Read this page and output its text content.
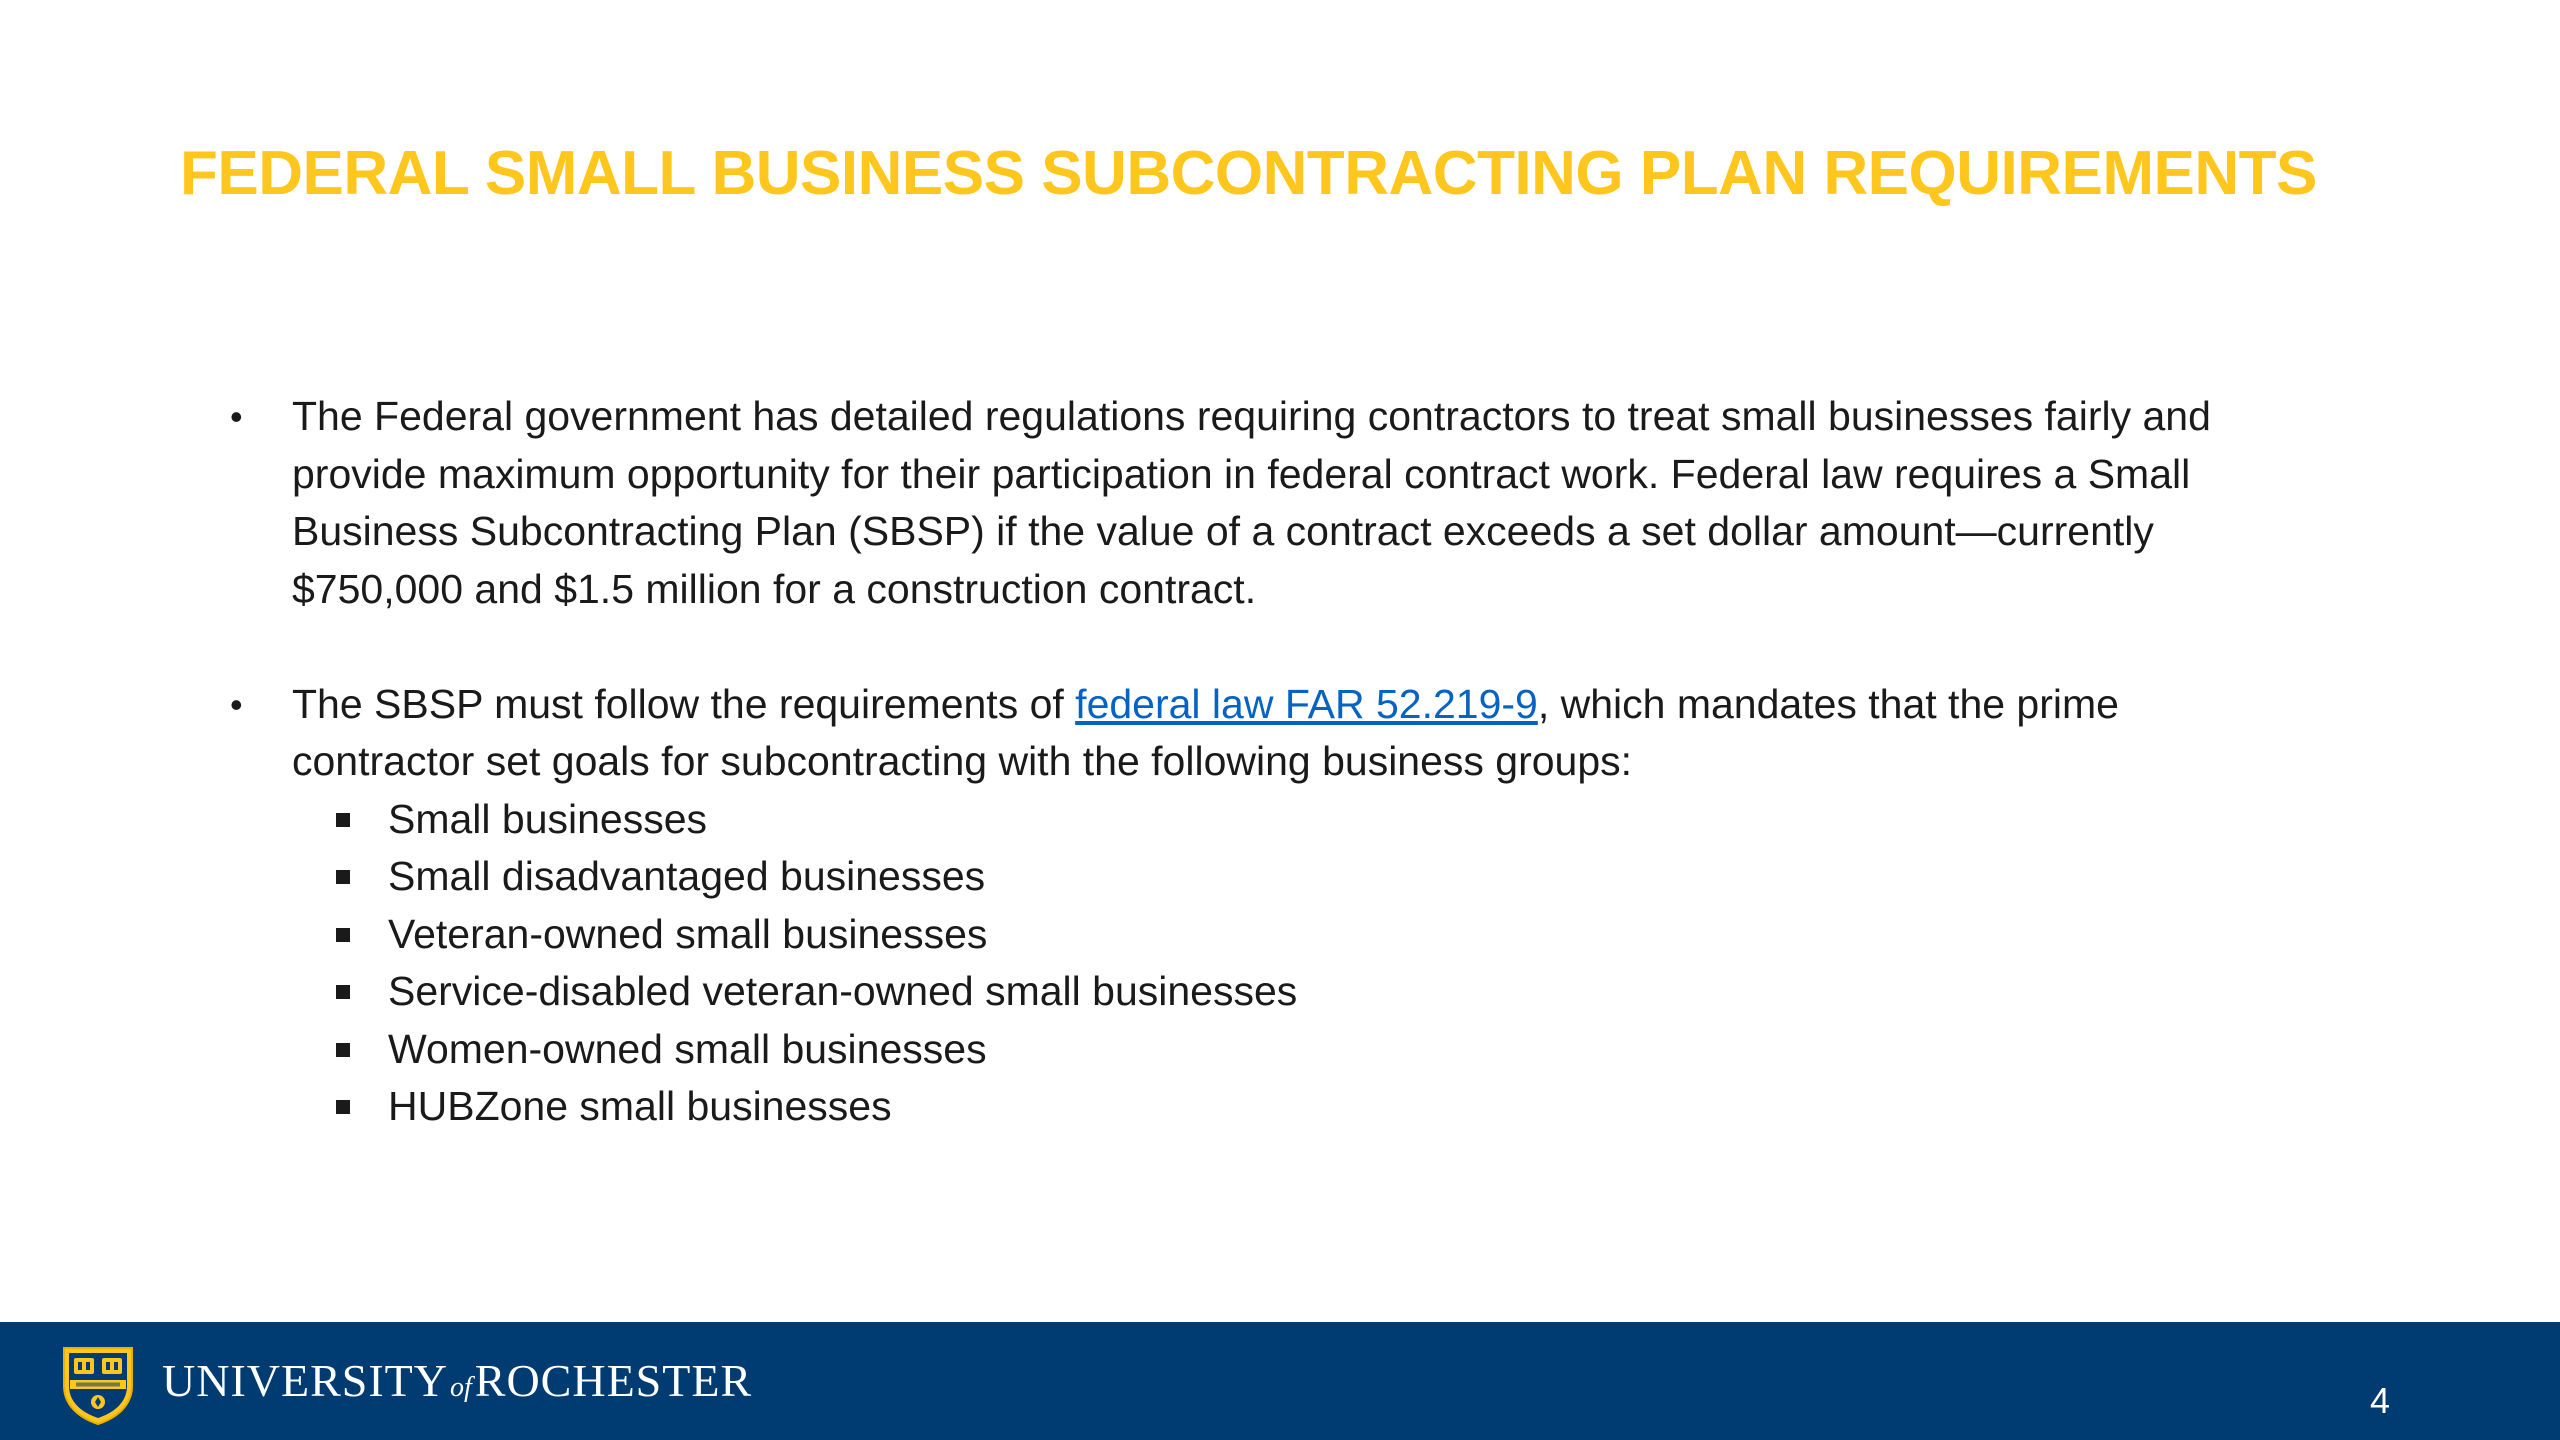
FEDERAL SMALL BUSINESS SUBCONTRACTING PLAN REQUIREMENTS
•	The Federal government has detailed regulations requiring contractors to treat small businesses fairly and provide maximum opportunity for their participation in federal contract work. Federal law requires a Small Business Subcontracting Plan (SBSP) if the value of a contract exceeds a set dollar amount—currently $750,000 and $1.5 million for a construction contract.
•	The SBSP must follow the requirements of federal law FAR 52.219-9, which mandates that the prime contractor set goals for subcontracting with the following business groups:
Small businesses
Small disadvantaged businesses
Veteran-owned small businesses
Service-disabled veteran-owned small businesses
Women-owned small businesses
HUBZone small businesses
UNIVERSITYofROCHESTER	4
